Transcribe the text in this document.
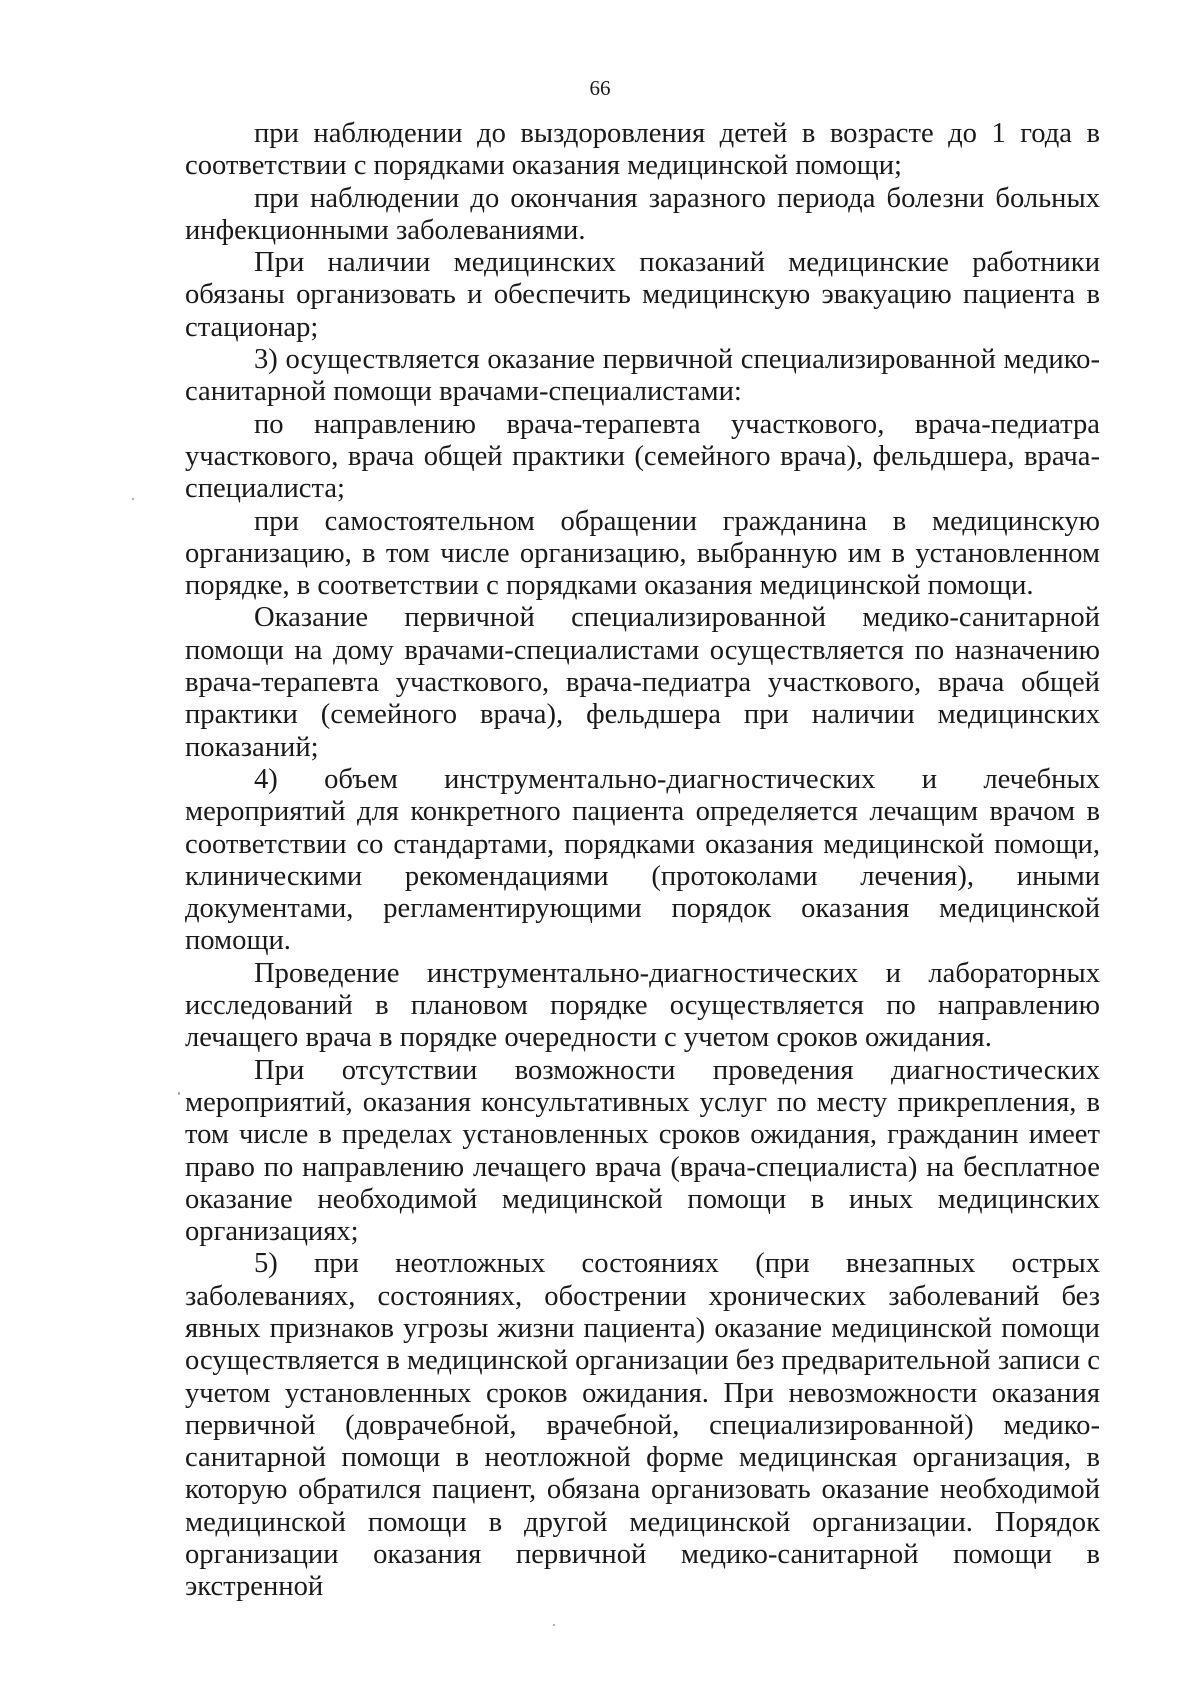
66

при наблюдении до выздоровления детей в возрасте до 1 года в соответствии с порядками оказания медицинской помощи;

при наблюдении до окончания заразного периода болезни больных инфекционными заболеваниями.

При наличии медицинских показаний медицинские работники обязаны организовать и обеспечить медицинскую эвакуацию пациента в стационар;

3) осуществляется оказание первичной специализированной медико-санитарной помощи врачами-специалистами:

по направлению врача-терапевта участкового, врача-педиатра участкового, врача общей практики (семейного врача), фельдшера, врача-специалиста;

при самостоятельном обращении гражданина в медицинскую организацию, в том числе организацию, выбранную им в установленном порядке, в соответствии с порядками оказания медицинской помощи.

Оказание первичной специализированной медико-санитарной помощи на дому врачами-специалистами осуществляется по назначению врача-терапевта участкового, врача-педиатра участкового, врача общей практики (семейного врача), фельдшера при наличии медицинских показаний;

4) объем инструментально-диагностических и лечебных мероприятий для конкретного пациента определяется лечащим врачом в соответствии со стандартами, порядками оказания медицинской помощи, клиническими рекомендациями (протоколами лечения), иными документами, регламентирующими порядок оказания медицинской помощи.

Проведение инструментально-диагностических и лабораторных исследований в плановом порядке осуществляется по направлению лечащего врача в порядке очередности с учетом сроков ожидания.

При отсутствии возможности проведения диагностических мероприятий, оказания консультативных услуг по месту прикрепления, в том числе в пределах установленных сроков ожидания, гражданин имеет право по направлению лечащего врача (врача-специалиста) на бесплатное оказание необходимой медицинской помощи в иных медицинских организациях;

5) при неотложных состояниях (при внезапных острых заболеваниях, состояниях, обострении хронических заболеваний без явных признаков угрозы жизни пациента) оказание медицинской помощи осуществляется в медицинской организации без предварительной записи с учетом установленных сроков ожидания. При невозможности оказания первичной (доврачебной, врачебной, специализированной) медико-санитарной помощи в неотложной форме медицинская организация, в которую обратился пациент, обязана организовать оказание необходимой медицинской помощи в другой медицинской организации. Порядок организации оказания первичной медико-санитарной помощи в экстренной
